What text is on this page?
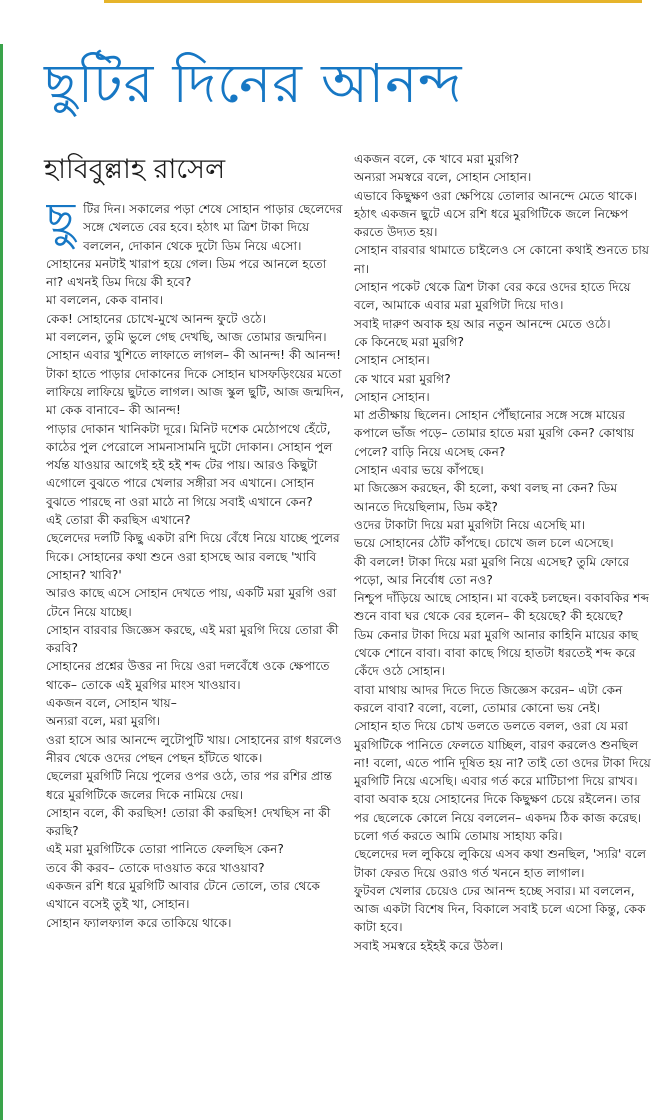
ছুটির দিনের আনন্দ
হাবিবুল্লাহ রাসেল
ছু টির দিন। সকালের পড়া শেষে সোহান পাড়ার ছেলেদের সঙ্গে খেলতে বের হবে। হঠাৎ মা ত্রিশ টাকা দিয়ে বললেন, দোকান থেকে দুটো ডিম নিয়ে এসো।

সোহানের মনটাই খারাপ হয়ে গেল। ডিম পরে আনলে হতো না? এখনই ডিম দিয়ে কী হবে?

মা বললেন, কেক বানাব।

কেক! সোহানের চোখে-মুখে আনন্দ ফুটে ওঠে।

মা বললেন, তুমি ভুলে গেছ দেখছি, আজ তোমার জন্মদিন।

সোহান এবার খুশিতে লাফাতে লাগল– কী আনন্দ! কী আনন্দ!

টাকা হাতে পাড়ার দোকানের দিকে সোহান ঘাসফড়িংয়ের মতো লাফিয়ে লাফিয়ে ছুটতে লাগল। আজ স্কুল ছুটি, আজ জন্মদিন, মা কেক বানাবে– কী আনন্দ!

পাড়ার দোকান খানিকটা দূরে। মিনিট দশেক মেঠোপথে হেঁটে, কাঠের পুল পেরোলে সামনাসামনি দুটো দোকান। সোহান পুল পর্যন্ত যাওয়ার আগেই হই হই শব্দ টের পায়। আরও কিছুটা এগোলে বুঝতে পারে খেলার সঙ্গীরা সব এখানে। সোহান বুঝতে পারছে না ওরা মাঠে না গিয়ে সবাই এখানে কেন?

এই তোরা কী করছিস এখানে?

ছেলেদের দলটি কিছু একটা রশি দিয়ে বেঁধে নিয়ে যাচ্ছে পুলের দিকে। সোহানের কথা শুনে ওরা হাসছে আর বলছে 'খাবি সোহান? খাবি?'

আরও কাছে এসে সোহান দেখতে পায়, একটি মরা মুরগি ওরা টেনে নিয়ে যাচ্ছে।

সোহান বারবার জিজ্ঞেস করছে, এই মরা মুরগি দিয়ে তোরা কী করবি?

সোহানের প্রশ্নের উত্তর না দিয়ে ওরা দলবেঁধে ওকে ক্ষেপাতে থাকে– তোকে এই মুরগির মাংস খাওয়াব।

একজন বলে, সোহান খায়–

অন্যরা বলে, মরা মুরগি।

ওরা হাসে আর আনন্দে লুটোপুটি খায়। সোহানের রাগ ধরলেও নীরব থেকে ওদের পেছন পেছন হাঁটতে থাকে।

ছেলেরা মুরগিটি নিয়ে পুলের ওপর ওঠে, তার পর রশির প্রান্ত ধরে মুরগিটিকে জলের দিকে নামিয়ে দেয়।

সোহান বলে, কী করছিস! তোরা কী করছিস! দেখছিস না কী করছি?

এই মরা মুরগিটিকে তোরা পানিতে ফেলছিস কেন?

তবে কী করব– তোকে দাওয়াত করে খাওয়াব?

একজন রশি ধরে মুরগিটি আবার টেনে তোলে, তার থেকে এখানে বসেই তুই খা, সোহান।

সোহান ফ্যালফ্যাল করে তাকিয়ে থাকে।

একজন বলে, কে খাবে মরা মুরগি?

অন্যরা সমস্বরে বলে, সোহান সোহান।

এভাবে কিছুক্ষণ ওরা ক্ষেপিয়ে তোলার আনন্দে মেতে থাকে। হঠাৎ একজন ছুটে এসে রশি ধরে মুরগিটিকে জলে নিক্ষেপ করতে উদ্যত হয়।

সোহান বারবার থামাতে চাইলেও সে কোনো কথাই শুনতে চায় না।

সোহান পকেট থেকে ত্রিশ টাকা বের করে ওদের হাতে দিয়ে বলে, আমাকে এবার মরা মুরগিটা দিয়ে দাও।

সবাই দারুণ অবাক হয় আর নতুন আনন্দে মেতে ওঠে।

কে কিনেছে মরা মুরগি?

সোহান সোহান।

কে খাবে মরা মুরগি?

সোহান সোহান।

মা প্রতীক্ষায় ছিলেন। সোহান পৌঁছানোর সঙ্গে সঙ্গে মায়ের কপালে ভাঁজ পড়ে– তোমার হাতে মরা মুরগি কেন? কোথায় পেলে? বাড়ি নিয়ে এসেছ কেন?

সোহান এবার ভয়ে কাঁপছে।

মা জিজ্ঞেস করছেন, কী হলো, কথা বলছ না কেন? ডিম আনতে দিয়েছিলাম, ডিম কই?

ওদের টাকাটা দিয়ে মরা মুরগিটা নিয়ে এসেছি মা।

ভয়ে সোহানের ঠোঁট কাঁপছে। চোখে জল চলে এসেছে।

কী বললে! টাকা দিয়ে মরা মুরগি নিয়ে এসেছ? তুমি ফোরে পড়ো, আর নির্বোধ তো নও?

নিশ্চুপ দাঁড়িয়ে আছে সোহান। মা বকেই চলছেন। বকাবকির শব্দ শুনে বাবা ঘর থেকে বের হলেন– কী হয়েছে? কী হয়েছে?

ডিম কেনার টাকা দিয়ে মরা মুরগি আনার কাহিনি মায়ের কাছ থেকে শোনে বাবা। বাবা কাছে গিয়ে হাতটা ধরতেই শব্দ করে কেঁদে ওঠে সোহান।

বাবা মাথায় আদর দিতে দিতে জিজ্ঞেস করেন– এটা কেন করলে বাবা? বলো, বলো, তোমার কোনো ভয় নেই।

সোহান হাত দিয়ে চোখ ডলতে ডলতে বলল, ওরা যে মরা মুরগিটিকে পানিতে ফেলতে যাচ্ছিল, বারণ করলেও শুনছিল না! বলো, এতে পানি দূষিত হয় না? তাই তো ওদের টাকা দিয়ে মুরগিটি নিয়ে এসেছি। এবার গর্ত করে মাটিচাপা দিয়ে রাখব।

বাবা অবাক হয়ে সোহানের দিকে কিছুক্ষণ চেয়ে রইলেন। তার পর ছেলেকে কোলে নিয়ে বললেন– একদম ঠিক কাজ করেছ। চলো গর্ত করতে আমি তোমায় সাহায্য করি।

ছেলেদের দল লুকিয়ে লুকিয়ে এসব কথা শুনছিল, 'স্যরি' বলে টাকা ফেরত দিয়ে ওরাও গর্ত খননে হাত লাগাল।

ফুটবল খেলার চেয়েও ঢের আনন্দ হচ্ছে সবার। মা বললেন, আজ একটা বিশেষ দিন, বিকালে সবাই চলে এসো কিন্তু, কেক কাটা হবে।

সবাই সমস্বরে হইহই করে উঠল।
